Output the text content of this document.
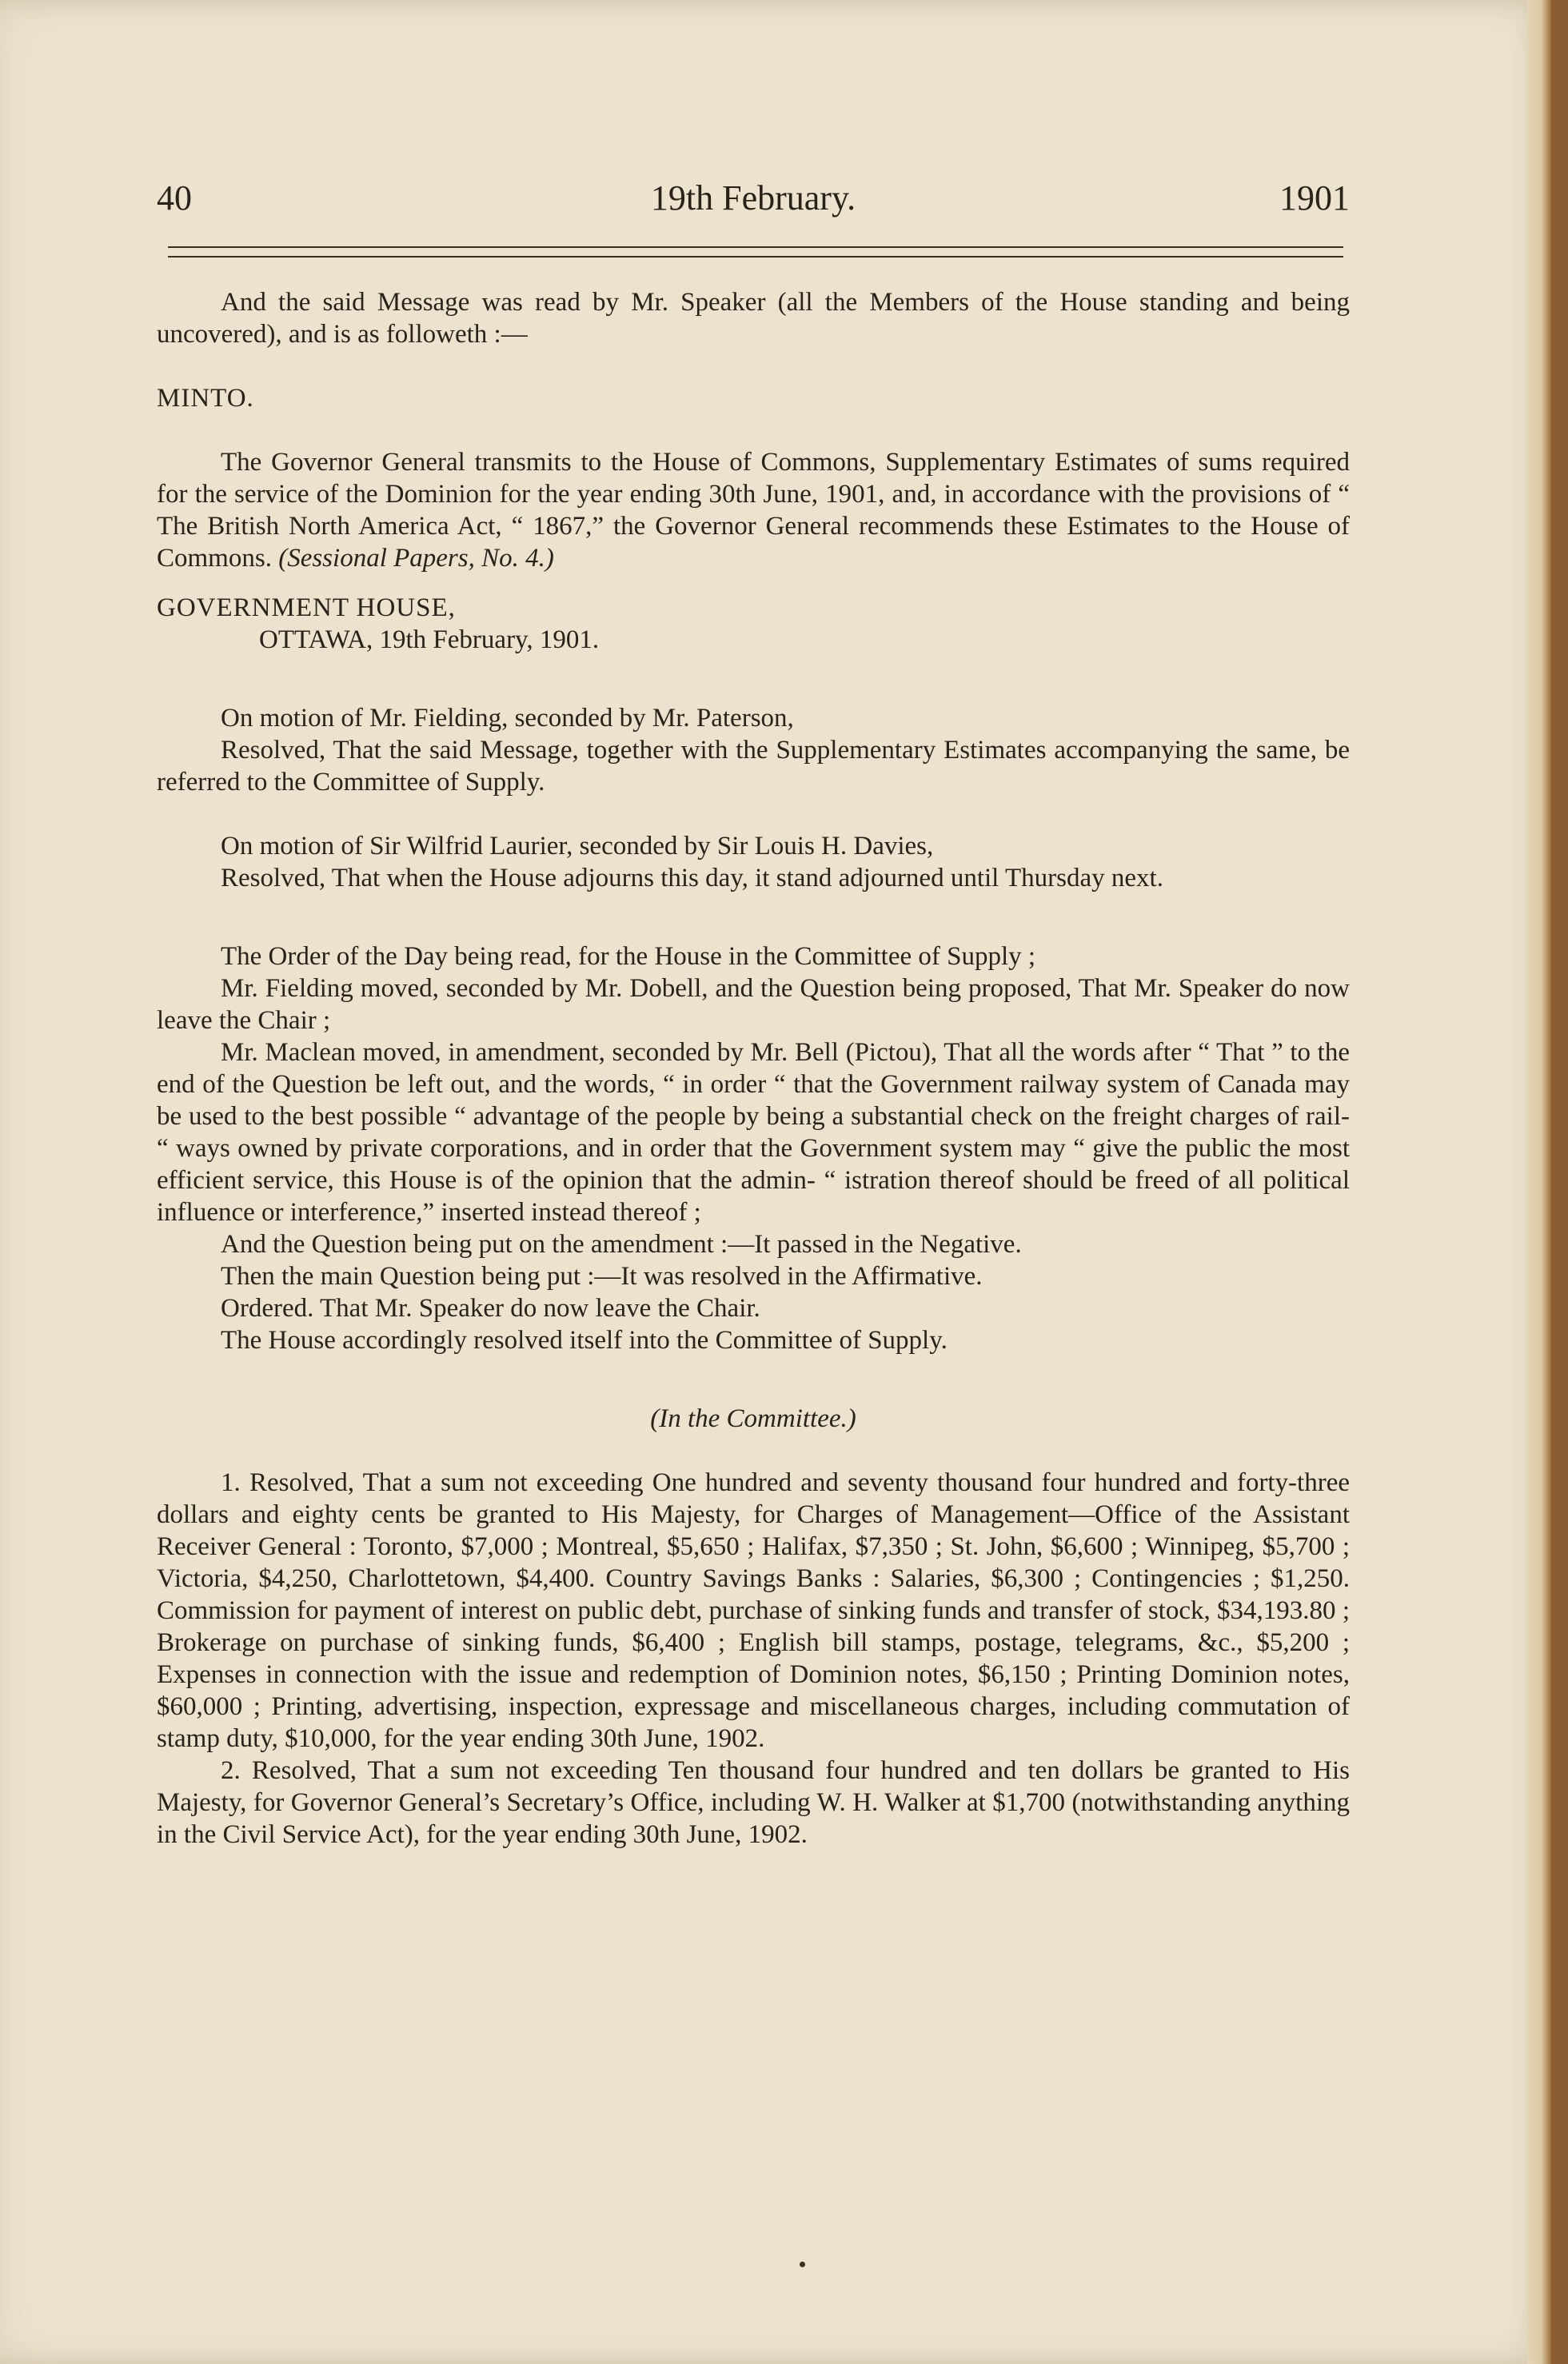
40	19th February.	1901

And the said Message was read by Mr. Speaker (all the Members of the House standing and being uncovered), and is as followeth :—

MINTO.

The Governor General transmits to the House of Commons, Supplementary Estimates of sums required for the service of the Dominion for the year ending 30th June, 1901, and, in accordance with the provisions of “ The British North America Act, “ 1867,” the Governor General recommends these Estimates to the House of Commons. (Sessional Papers, No. 4.)

GOVERNMENT HOUSE,

OTTAWA, 19th February, 1901.

On motion of Mr. Fielding, seconded by Mr. Paterson,

Resolved, That the said Message, together with the Supplementary Estimates accompanying the same, be referred to the Committee of Supply.

On motion of Sir Wilfrid Laurier, seconded by Sir Louis H. Davies,

Resolved, That when the House adjourns this day, it stand adjourned until Thursday next.

The Order of the Day being read, for the House in the Committee of Supply ;

Mr. Fielding moved, seconded by Mr. Dobell, and the Question being proposed, That Mr. Speaker do now leave the Chair ;

Mr. Maclean moved, in amendment, seconded by Mr. Bell (Pictou), That all the words after “ That ” to the end of the Question be left out, and the words, “ in order “ that the Government railway system of Canada may be used to the best possible “ advantage of the people by being a substantial check on the freight charges of rail- “ ways owned by private corporations, and in order that the Government system may “ give the public the most efficient service, this House is of the opinion that the admin- “ istration thereof should be freed of all political influence or interference,” inserted instead thereof ;

And the Question being put on the amendment :—It passed in the Negative.

Then the main Question being put :—It was resolved in the Affirmative.

Ordered. That Mr. Speaker do now leave the Chair.

The House accordingly resolved itself into the Committee of Supply.

(In the Committee.)

1. Resolved, That a sum not exceeding One hundred and seventy thousand four hundred and forty-three dollars and eighty cents be granted to His Majesty, for Charges of Management—Office of the Assistant Receiver General : Toronto, $7,000 ; Montreal, $5,650 ; Halifax, $7,350 ; St. John, $6,600 ; Winnipeg, $5,700 ; Victoria, $4,250, Charlottetown, $4,400. Country Savings Banks : Salaries, $6,300 ; Contingencies ; $1,250. Commission for payment of interest on public debt, purchase of sinking funds and transfer of stock, $34,193.80 ; Brokerage on purchase of sinking funds, $6,400 ; English bill stamps, postage, telegrams, &c., $5,200 ; Expenses in connection with the issue and redemption of Dominion notes, $6,150 ; Printing Dominion notes, $60,000 ; Printing, advertising, inspection, expressage and miscellaneous charges, including commutation of stamp duty, $10,000, for the year ending 30th June, 1902.

2. Resolved, That a sum not exceeding Ten thousand four hundred and ten dollars be granted to His Majesty, for Governor General’s Secretary’s Office, including W. H. Walker at $1,700 (notwithstanding anything in the Civil Service Act), for the year ending 30th June, 1902.
